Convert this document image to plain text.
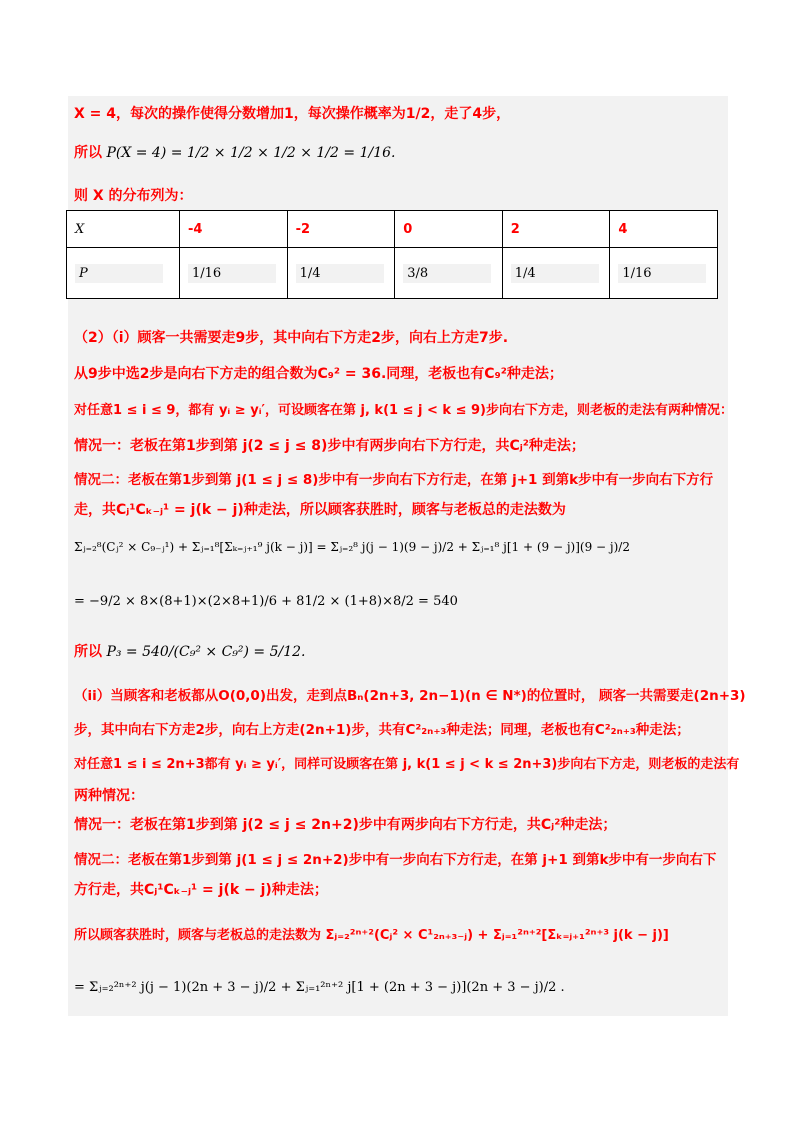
X = 4，每次的操作使得分数增加1，每次操作概率为1/2，走了4步，
所以 P(X = 4) = 1/2 × 1/2 × 1/2 × 1/2 = 1/16.
则 X 的分布列为：
X	-4	-2	0	2	4
P	1/16	1/4	3/8	1/4	1/16
（2）（i）顾客一共需要走9步，其中向右下方走2步，向右上方走7步.
从9步中选2步是向右下方走的组合数为C₉² = 36.同理，老板也有C₉²种走法；
对任意1 ≤ i ≤ 9，都有 yᵢ ≥ yᵢ′，可设顾客在第 j, k(1 ≤ j < k ≤ 9)步向右下方走，则老板的走法有两种情况：
情况一：老板在第1步到第 j(2 ≤ j ≤ 8)步中有两步向右下方行走，共Cⱼ²种走法；
情况二：老板在第1步到第 j(1 ≤ j ≤ 8)步中有一步向右下方行走，在第 j+1 到第k步中有一步向右下方行
走，共Cⱼ¹Cₖ₋ⱼ¹ = j(k − j)种走法，所以顾客获胜时，顾客与老板总的走法数为
Σⱼ₌₂⁸(Cⱼ² × C₉₋ⱼ¹) + Σⱼ₌₁⁸[Σₖ₌ⱼ₊₁⁹ j(k − j)] = Σⱼ₌₂⁸ j(j − 1)(9 − j)/2 + Σⱼ₌₁⁸ j[1 + (9 − j)](9 − j)/2
= −9/2 × 8×(8+1)×(2×8+1)/6 + 81/2 × (1+8)×8/2 = 540
所以 P₃ = 540/(C₉² × C₉²) = 5/12.
（ii）当顾客和老板都从O(0,0)出发，走到点Bₙ(2n+3, 2n−1)(n ∈ N*)的位置时， 顾客一共需要走(2n+3)
步，其中向右下方走2步，向右上方走(2n+1)步，共有C²₂ₙ₊₃种走法；同理，老板也有C²₂ₙ₊₃种走法；
对任意1 ≤ i ≤ 2n+3都有 yᵢ ≥ yᵢ′，同样可设顾客在第 j, k(1 ≤ j < k ≤ 2n+3)步向右下方走，则老板的走法有
两种情况：
情况一：老板在第1步到第 j(2 ≤ j ≤ 2n+2)步中有两步向右下方行走，共Cⱼ²种走法；
情况二：老板在第1步到第 j(1 ≤ j ≤ 2n+2)步中有一步向右下方行走，在第 j+1 到第k步中有一步向右下
方行走，共Cⱼ¹Cₖ₋ⱼ¹ = j(k − j)种走法；
所以顾客获胜时，顾客与老板总的走法数为 Σⱼ₌₂²ⁿ⁺²(Cⱼ² × C¹₂ₙ₊₃₋ⱼ) + Σⱼ₌₁²ⁿ⁺²[Σₖ₌ⱼ₊₁²ⁿ⁺³ j(k − j)]
= Σⱼ₌₂²ⁿ⁺² j(j − 1)(2n + 3 − j)/2 + Σⱼ₌₁²ⁿ⁺² j[1 + (2n + 3 − j)](2n + 3 − j)/2 .
